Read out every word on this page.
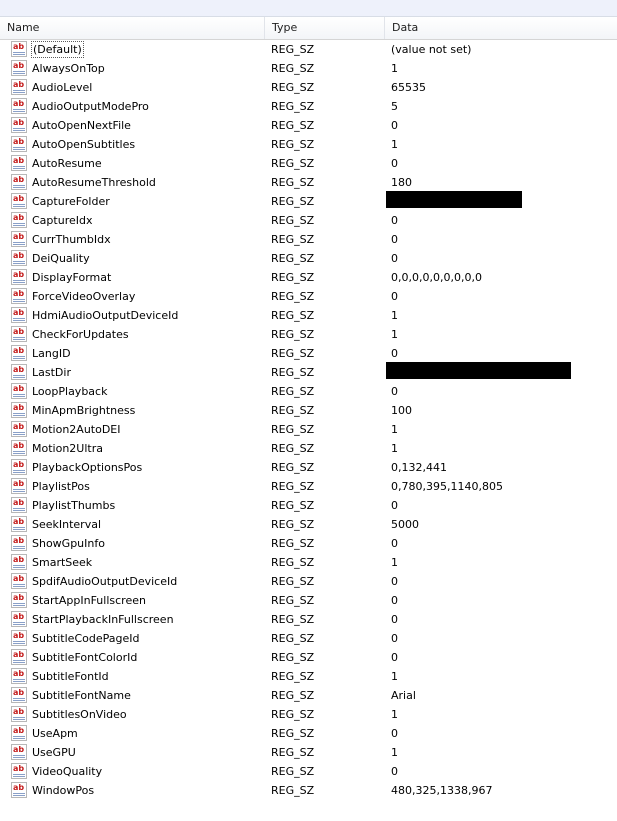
Name	Type	Data
ab (Default)	REG_SZ	(value not set)
ab AlwaysOnTop	REG_SZ	1
ab AudioLevel	REG_SZ	65535
ab AudioOutputModePro	REG_SZ	5
ab AutoOpenNextFile	REG_SZ	0
ab AutoOpenSubtitles	REG_SZ	1
ab AutoResume	REG_SZ	0
ab AutoResumeThreshold	REG_SZ	180
ab CaptureFolder	REG_SZ
ab CaptureIdx	REG_SZ	0
ab CurrThumbIdx	REG_SZ	0
ab DeiQuality	REG_SZ	0
ab DisplayFormat	REG_SZ	0,0,0,0,0,0,0,0,0
ab ForceVideoOverlay	REG_SZ	0
ab HdmiAudioOutputDeviceId	REG_SZ	1
ab CheckForUpdates	REG_SZ	1
ab LangID	REG_SZ	0
ab LastDir	REG_SZ
ab LoopPlayback	REG_SZ	0
ab MinApmBrightness	REG_SZ	100
ab Motion2AutoDEI	REG_SZ	1
ab Motion2Ultra	REG_SZ	1
ab PlaybackOptionsPos	REG_SZ	0,132,441
ab PlaylistPos	REG_SZ	0,780,395,1140,805
ab PlaylistThumbs	REG_SZ	0
ab SeekInterval	REG_SZ	5000
ab ShowGpuInfo	REG_SZ	0
ab SmartSeek	REG_SZ	1
ab SpdifAudioOutputDeviceId	REG_SZ	0
ab StartAppInFullscreen	REG_SZ	0
ab StartPlaybackInFullscreen	REG_SZ	0
ab SubtitleCodePageId	REG_SZ	0
ab SubtitleFontColorId	REG_SZ	0
ab SubtitleFontId	REG_SZ	1
ab SubtitleFontName	REG_SZ	Arial
ab SubtitlesOnVideo	REG_SZ	1
ab UseApm	REG_SZ	0
ab UseGPU	REG_SZ	1
ab VideoQuality	REG_SZ	0
ab WindowPos	REG_SZ	480,325,1338,967
